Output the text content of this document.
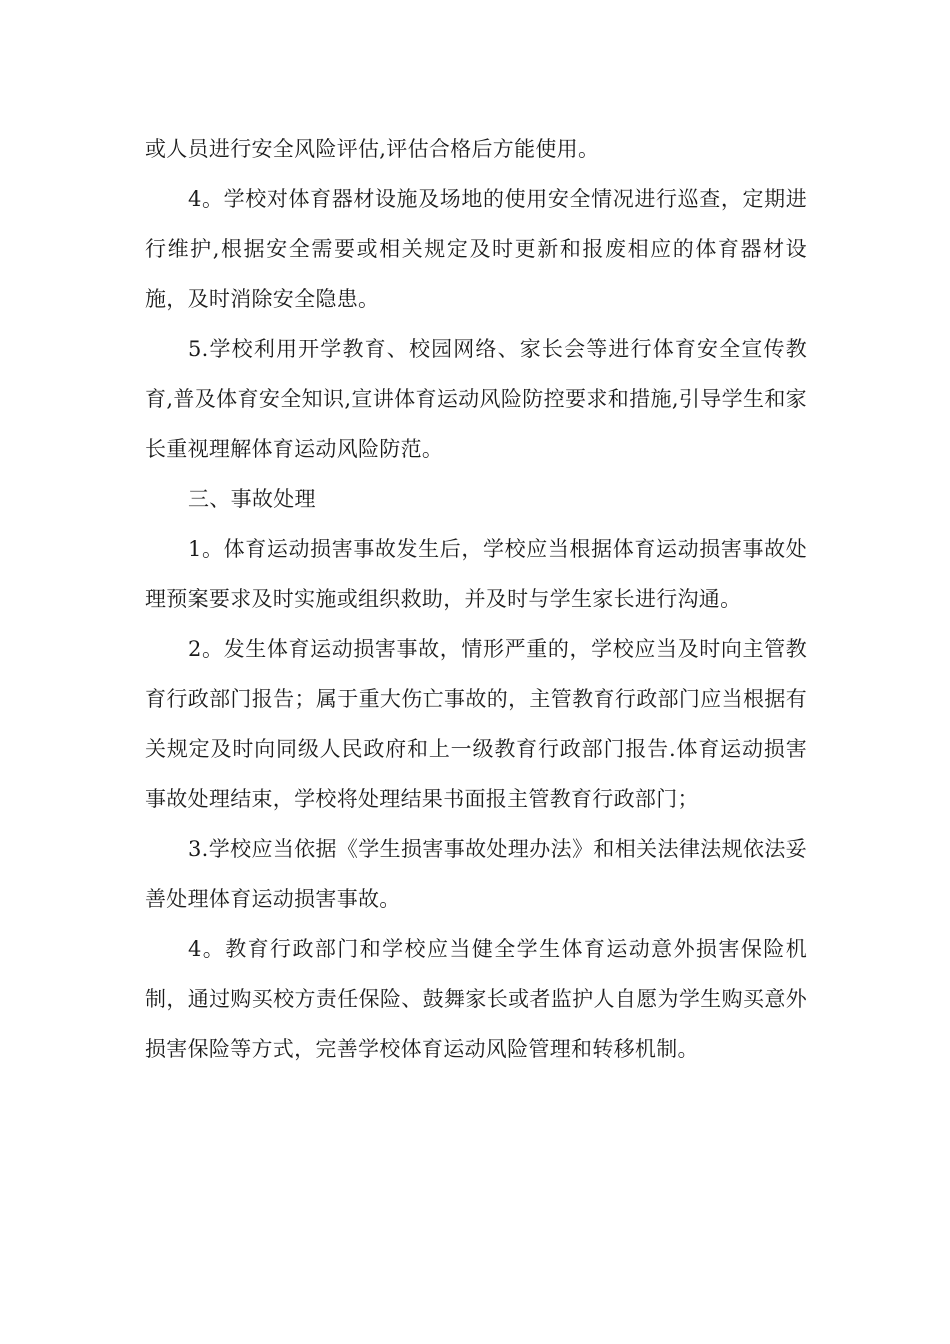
或人员进行安全风险评估,评估合格后方能使用。

4。学校对体育器材设施及场地的使用安全情况进行巡查，定期进行维护,根据安全需要或相关规定及时更新和报废相应的体育器材设施，及时消除安全隐患。

5.学校利用开学教育、校园网络、家长会等进行体育安全宣传教育,普及体育安全知识,宣讲体育运动风险防控要求和措施,引导学生和家长重视理解体育运动风险防范。

三、事故处理

1。体育运动损害事故发生后，学校应当根据体育运动损害事故处理预案要求及时实施或组织救助，并及时与学生家长进行沟通。

2。发生体育运动损害事故，情形严重的，学校应当及时向主管教育行政部门报告；属于重大伤亡事故的，主管教育行政部门应当根据有关规定及时向同级人民政府和上一级教育行政部门报告.体育运动损害事故处理结束，学校将处理结果书面报主管教育行政部门；

3.学校应当依据《学生损害事故处理办法》和相关法律法规依法妥善处理体育运动损害事故。

4。教育行政部门和学校应当健全学生体育运动意外损害保险机制，通过购买校方责任保险、鼓舞家长或者监护人自愿为学生购买意外损害保险等方式，完善学校体育运动风险管理和转移机制。
